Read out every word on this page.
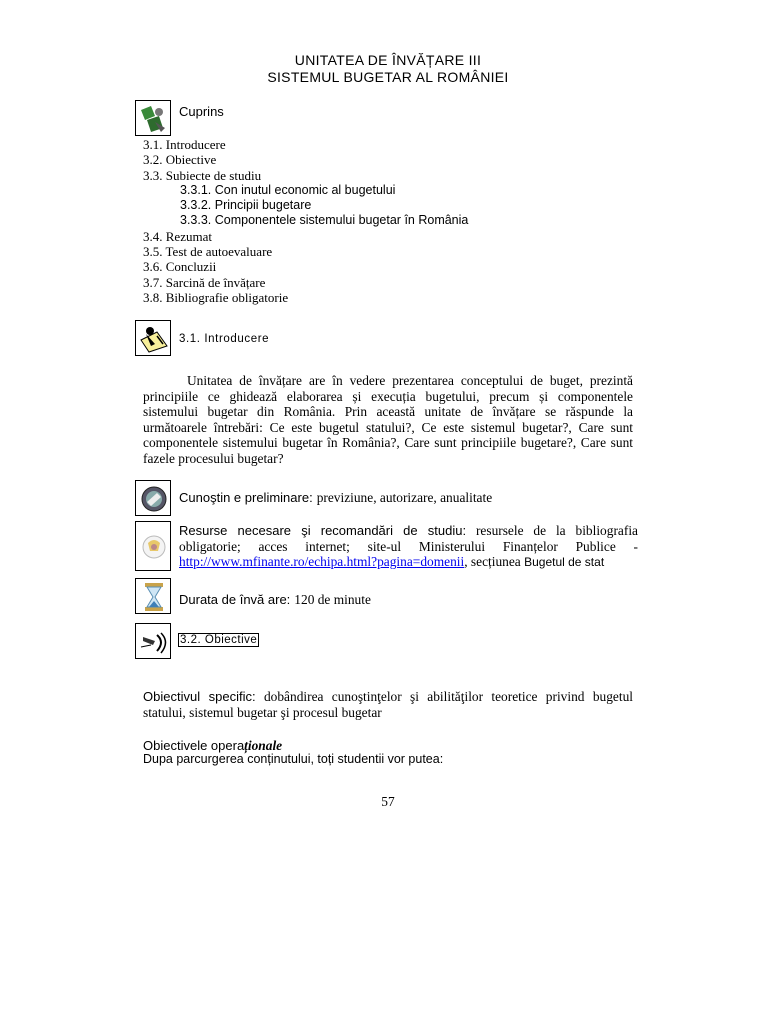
UNITATEA DE ÎNVĂȚARE III
SISTEMUL BUGETAR AL ROMÂNIEI
Cuprins
3.1. Introducere
3.2. Obiective
3.3. Subiecte de studiu
3.3.1. Con inutul economic al bugetului
3.3.2. Principii bugetare
3.3.3. Componentele sistemului bugetar în România
3.4. Rezumat
3.5. Test de autoevaluare
3.6. Concluzii
3.7. Sarcină de învățare
3.8. Bibliografie obligatorie
3.1. Introducere
Unitatea de învățare are în vedere prezentarea conceptului de buget, prezintă principiile ce ghidează elaborarea și execuția bugetului, precum și componentele sistemului bugetar din România. Prin această unitate de învățare se răspunde la următoarele întrebări: Ce este bugetul statului?, Ce este sistemul bugetar?, Care sunt componentele sistemului bugetar în România?, Care sunt principiile bugetare?, Care sunt fazele procesului bugetar?
Cunoştin e preliminare: previziune, autorizare, anualitate
Resurse necesare şi recomandări de studiu: resursele de la bibliografia obligatorie; acces internet; site-ul Ministerului Finanțelor Publice - http://www.mfinante.ro/echipa.html?pagina=domenii, secțiunea Bugetul de stat
Durata de învă are: 120 de minute
3.2. Obiective
Obiectivul specific: dobândirea cunoştinţelor şi abilităţilor teoretice privind bugetul statului, sistemul bugetar şi procesul bugetar
Obiectivele operaționale
Dupa parcurgerea conținutului, toți studentii vor putea:
57
